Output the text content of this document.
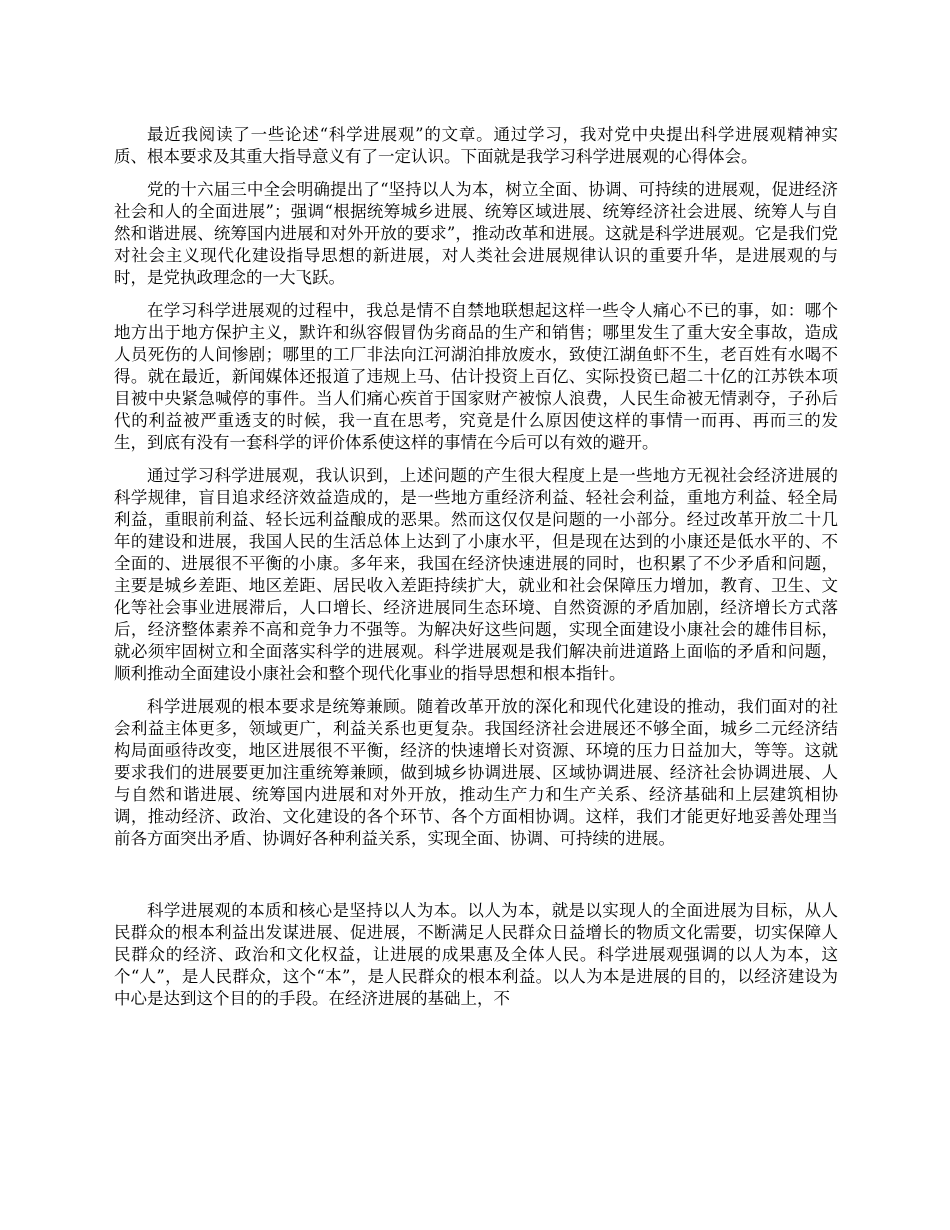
最近我阅读了一些论述“科学进展观”的文章。通过学习，我对党中央提出科学进展观精神实质、根本要求及其重大指导意义有了一定认识。下面就是我学习科学进展观的心得体会。

党的十六届三中全会明确提出了“坚持以人为本，树立全面、协调、可持续的进展观，促进经济社会和人的全面进展”；强调“根据统筹城乡进展、统筹区域进展、统筹经济社会进展、统筹人与自然和谐进展、统筹国内进展和对外开放的要求”，推动改革和进展。这就是科学进展观。它是我们党对社会主义现代化建设指导思想的新进展，对人类社会进展规律认识的重要升华，是进展观的与时，是党执政理念的一大飞跃。

在学习科学进展观的过程中，我总是情不自禁地联想起这样一些令人痛心不已的事，如：哪个地方出于地方保护主义，默许和纵容假冒伪劣商品的生产和销售；哪里发生了重大安全事故，造成人员死伤的人间惨剧；哪里的工厂非法向江河湖泊排放废水，致使江湖鱼虾不生，老百姓有水喝不得。就在最近，新闻媒体还报道了违规上马、估计投资上百亿、实际投资已超二十亿的江苏铁本项目被中央紧急喊停的事件。当人们痛心疾首于国家财产被惊人浪费，人民生命被无情剥夺，子孙后代的利益被严重透支的时候，我一直在思考，究竟是什么原因使这样的事情一而再、再而三的发生，到底有没有一套科学的评价体系使这样的事情在今后可以有效的避开。

通过学习科学进展观，我认识到，上述问题的产生很大程度上是一些地方无视社会经济进展的科学规律，盲目追求经济效益造成的，是一些地方重经济利益、轻社会利益，重地方利益、轻全局利益，重眼前利益、轻长远利益酿成的恶果。然而这仅仅是问题的一小部分。经过改革开放二十几年的建设和进展，我国人民的生活总体上达到了小康水平，但是现在达到的小康还是低水平的、不全面的、进展很不平衡的小康。多年来，我国在经济快速进展的同时，也积累了不少矛盾和问题，主要是城乡差距、地区差距、居民收入差距持续扩大，就业和社会保障压力增加，教育、卫生、文化等社会事业进展滞后，人口增长、经济进展同生态环境、自然资源的矛盾加剧，经济增长方式落后，经济整体素养不高和竞争力不强等。为解决好这些问题，实现全面建设小康社会的雄伟目标，就必须牢固树立和全面落实科学的进展观。科学进展观是我们解决前进道路上面临的矛盾和问题，顺利推动全面建设小康社会和整个现代化事业的指导思想和根本指针。

科学进展观的根本要求是统筹兼顾。随着改革开放的深化和现代化建设的推动，我们面对的社会利益主体更多，领域更广，利益关系也更复杂。我国经济社会进展还不够全面，城乡二元经济结构局面亟待改变，地区进展很不平衡，经济的快速增长对资源、环境的压力日益加大，等等。这就要求我们的进展要更加注重统筹兼顾，做到城乡协调进展、区域协调进展、经济社会协调进展、人与自然和谐进展、统筹国内进展和对外开放，推动生产力和生产关系、经济基础和上层建筑相协调，推动经济、政治、文化建设的各个环节、各个方面相协调。这样，我们才能更好地妥善处理当前各方面突出矛盾、协调好各种利益关系，实现全面、协调、可持续的进展。

科学进展观的本质和核心是坚持以人为本。以人为本，就是以实现人的全面进展为目标，从人民群众的根本利益出发谋进展、促进展，不断满足人民群众日益增长的物质文化需要，切实保障人民群众的经济、政治和文化权益，让进展的成果惠及全体人民。科学进展观强调的以人为本，这个“人”，是人民群众，这个“本”，是人民群众的根本利益。以人为本是进展的目的，以经济建设为中心是达到这个目的的手段。在经济进展的基础上，不
